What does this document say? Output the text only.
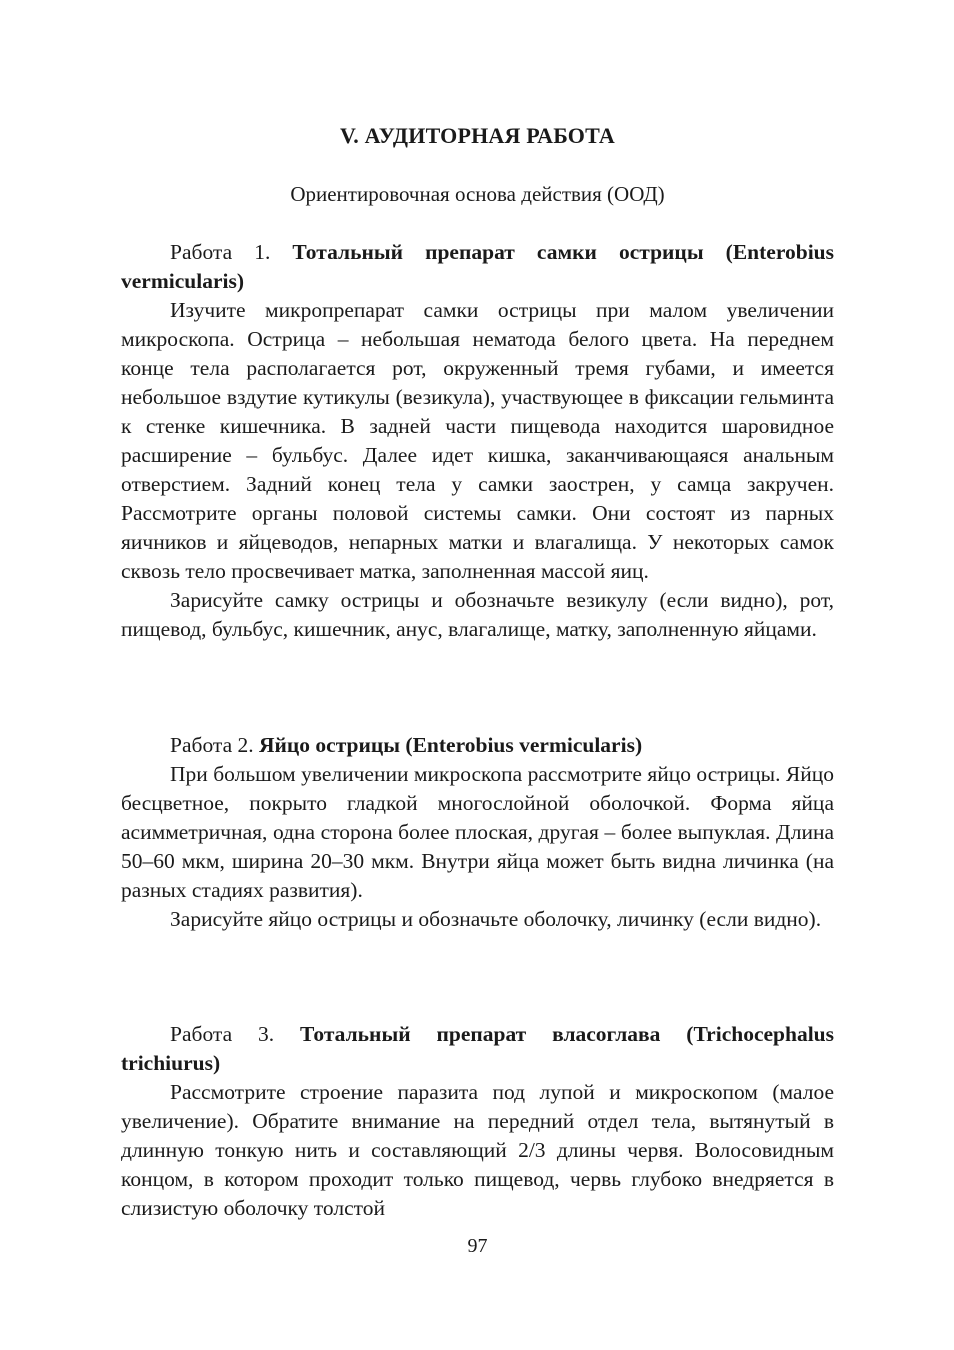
V. АУДИТОРНАЯ РАБОТА
Ориентировочная основа действия (ООД)
Работа 1. Тотальный препарат самки острицы (Enterobius vermicularis)

Изучите микропрепарат самки острицы при малом увеличении микроскопа. Острица – небольшая нематода белого цвета. На переднем конце тела располагается рот, окруженный тремя губами, и имеется небольшое вздутие кутикулы (везикула), участвующее в фиксации гельминта к стенке кишечника. В задней части пищевода находится шаровидное расширение – бульбус. Далее идет кишка, заканчивающаяся анальным отверстием. Задний конец тела у самки заострен, у самца закручен. Рассмотрите органы половой системы самки. Они состоят из парных яичников и яйцеводов, непарных матки и влагалища. У некоторых самок сквозь тело просвечивает матка, заполненная массой яиц.

Зарисуйте самку острицы и обозначьте везикулу (если видно), рот, пищевод, бульбус, кишечник, анус, влагалище, матку, заполненную яйцами.

Работа 2. Яйцо острицы (Enterobius vermicularis)

При большом увеличении микроскопа рассмотрите яйцо острицы. Яйцо бесцветное, покрыто гладкой многослойной оболочкой. Форма яйца асимметричная, одна сторона более плоская, другая – более выпуклая. Длина 50–60 мкм, ширина 20–30 мкм. Внутри яйца может быть видна личинка (на разных стадиях развития).

Зарисуйте яйцо острицы и обозначьте оболочку, личинку (если видно).

Работа 3. Тотальный препарат власоглава (Trichocephalus trichiurus)

Рассмотрите строение паразита под лупой и микроскопом (малое увеличение). Обратите внимание на передний отдел тела, вытянутый в длинную тонкую нить и составляющий 2/3 длины червя. Волосовидным концом, в котором проходит только пищевод, червь глубоко внедряется в слизистую оболочку толстой

97
